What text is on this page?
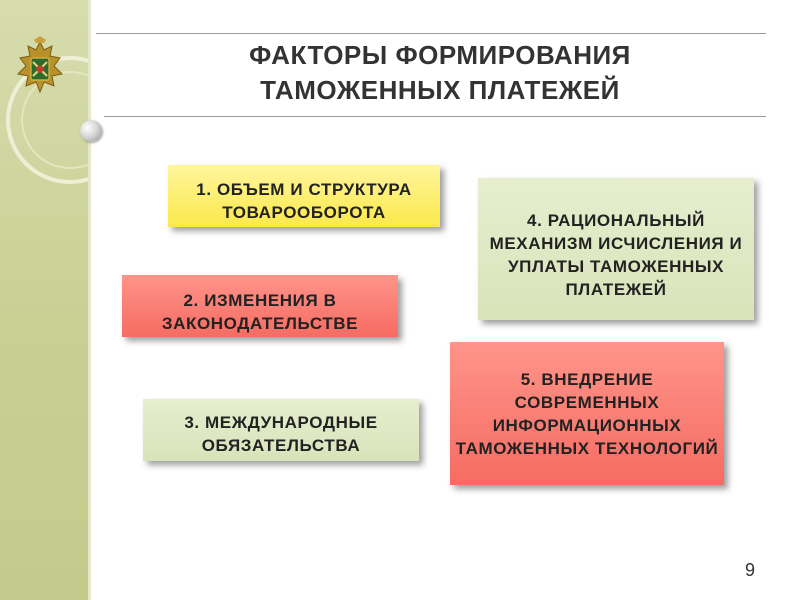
ФАКТОРЫ ФОРМИРОВАНИЯ
ТАМОЖЕННЫХ ПЛАТЕЖЕЙ
1. ОБЪЕМ И СТРУКТУРА ТОВАРООБОРОТА
2. ИЗМЕНЕНИЯ В ЗАКОНОДАТЕЛЬСТВЕ
3. МЕЖДУНАРОДНЫЕ ОБЯЗАТЕЛЬСТВА
4. РАЦИОНАЛЬНЫЙ МЕХАНИЗМ ИСЧИСЛЕНИЯ И УПЛАТЫ ТАМОЖЕННЫХ ПЛАТЕЖЕЙ
5. ВНЕДРЕНИЕ СОВРЕМЕННЫХ ИНФОРМАЦИОННЫХ ТАМОЖЕННЫХ ТЕХНОЛОГИЙ
9
